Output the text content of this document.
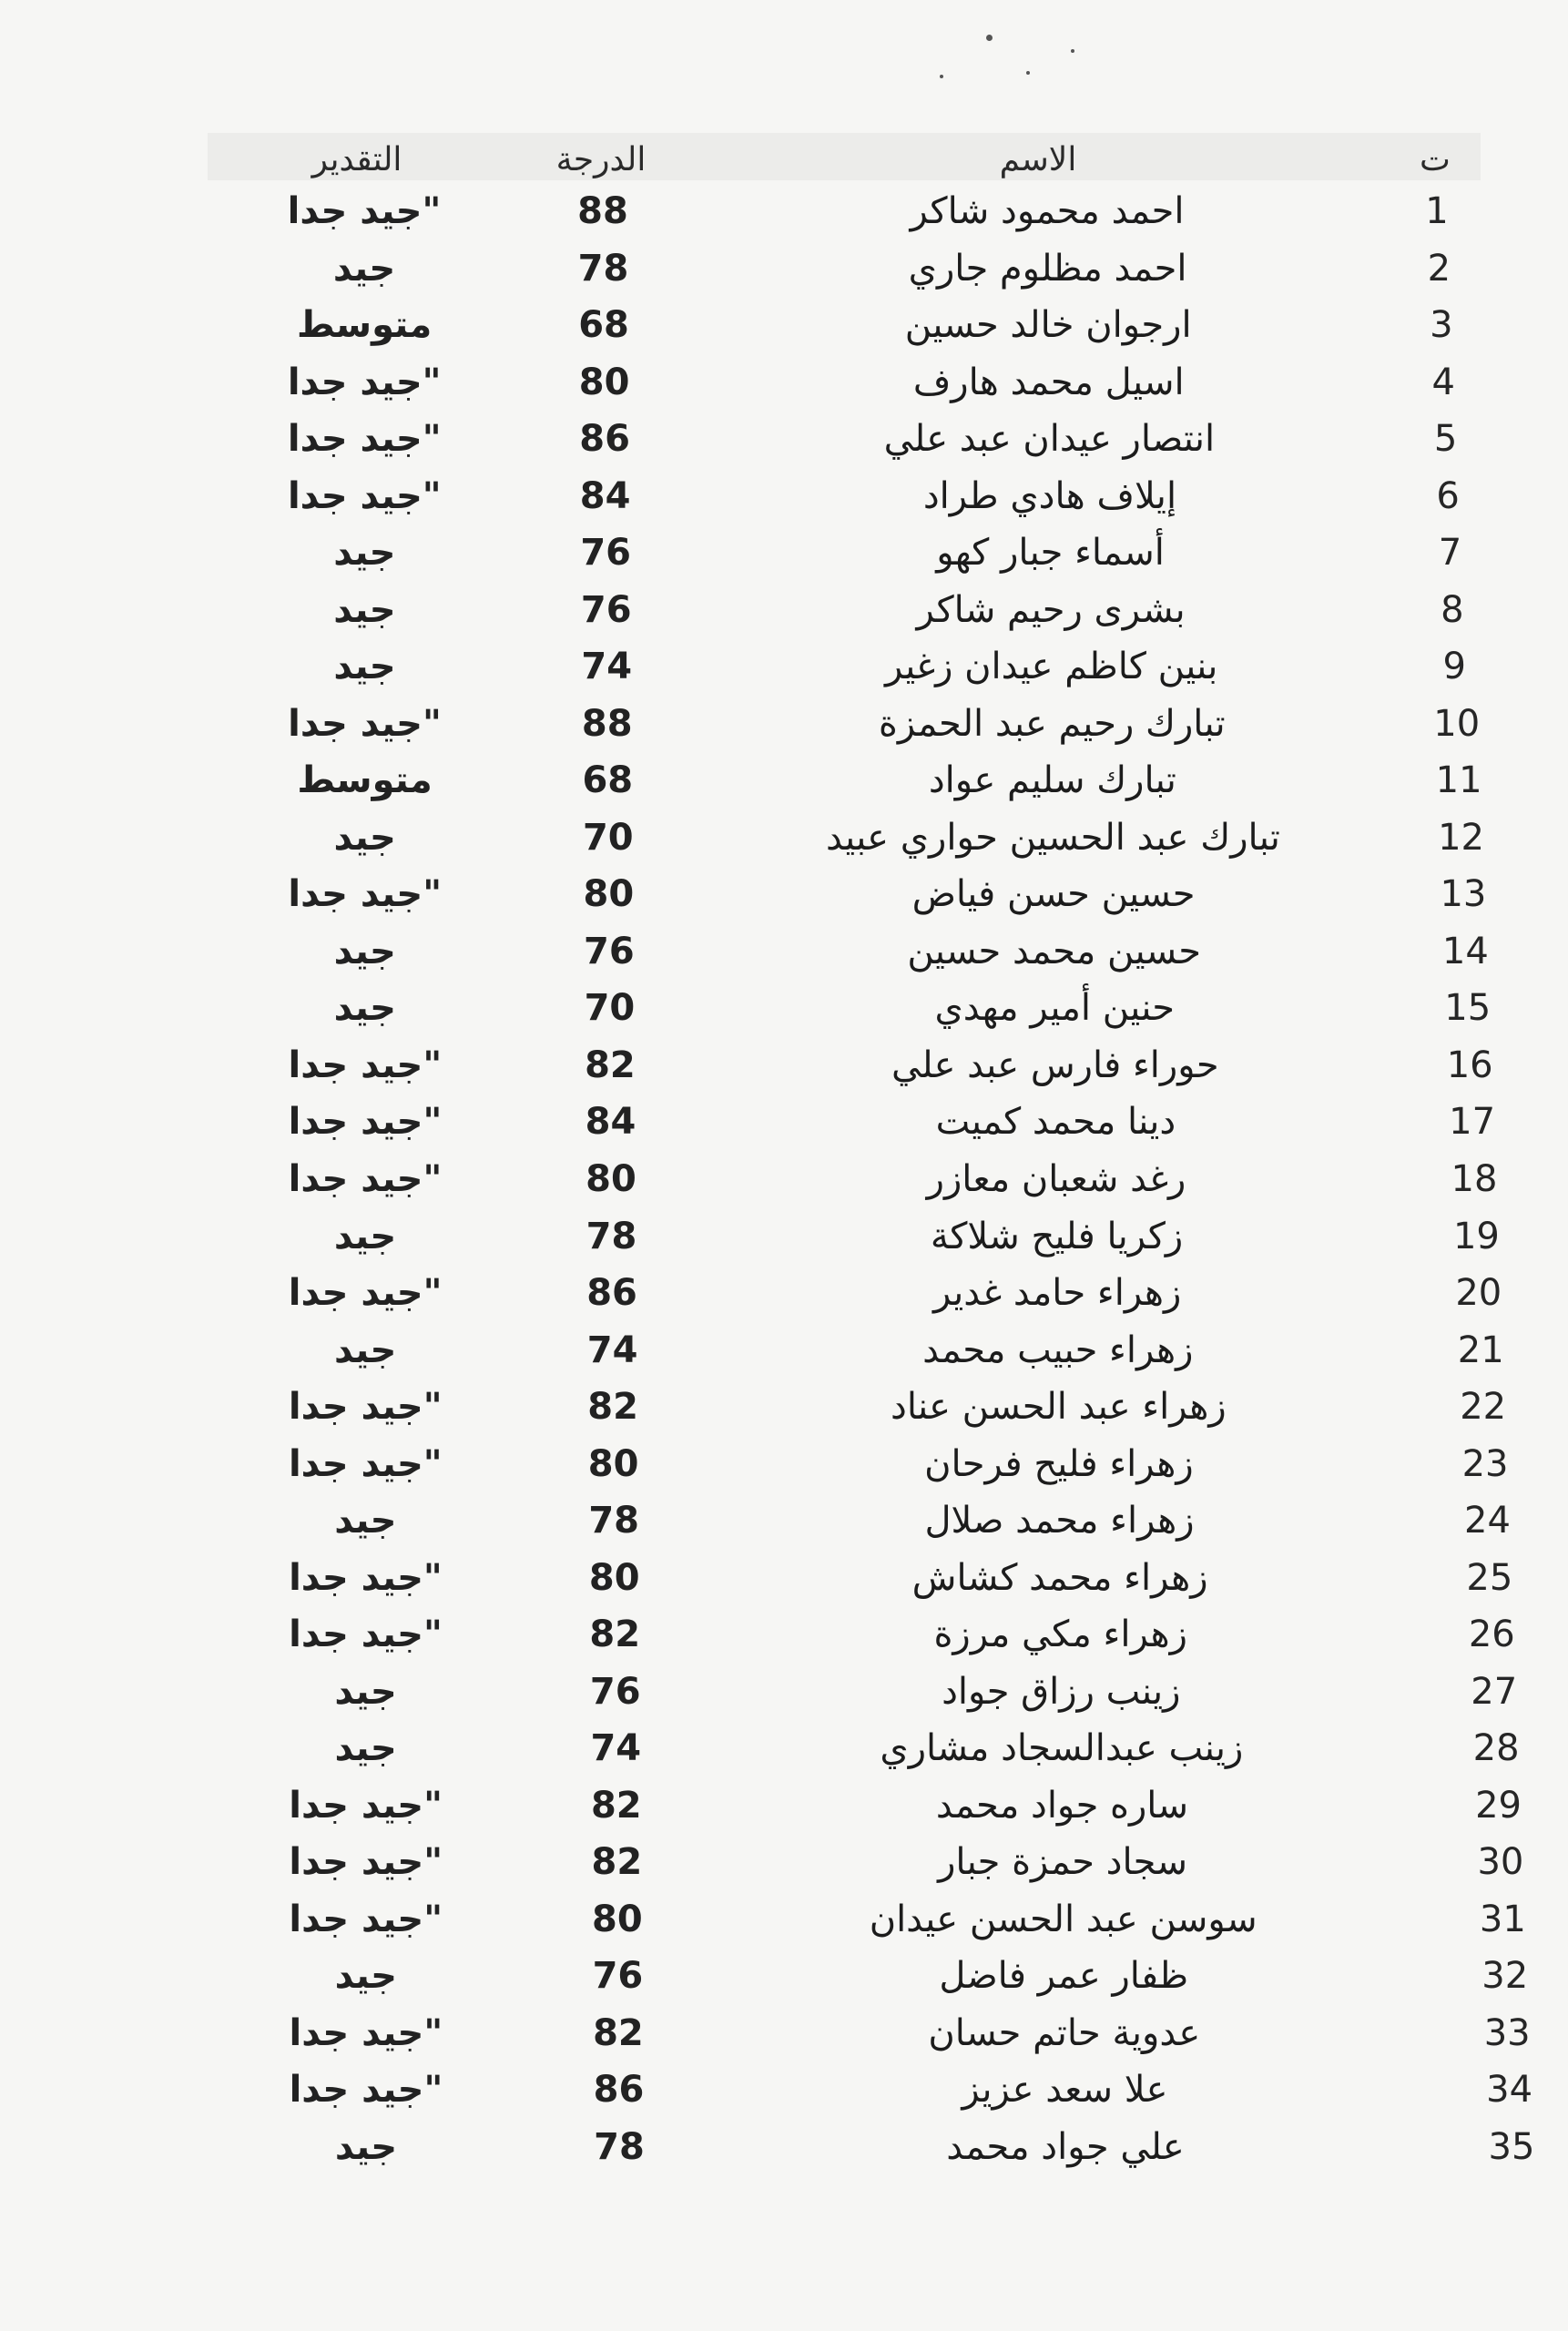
ت
الاسم
الدرجة
التقدير
1
احمد محمود شاكر
88
جيد جدا"
2
احمد مظلوم جاري
78
جيد
3
ارجوان خالد حسين
68
متوسط
4
اسيل محمد هارف
80
جيد جدا"
5
انتصار عيدان عبد علي
86
جيد جدا"
6
إيلاف هادي طراد
84
جيد جدا"
7
أسماء جبار كهو
76
جيد
8
بشرى رحيم شاكر
76
جيد
9
بنين كاظم عيدان زغير
74
جيد
10
تبارك رحيم عبد الحمزة
88
جيد جدا"
11
تبارك سليم عواد
68
متوسط
12
تبارك عبد الحسين حواري عبيد
70
جيد
13
حسين حسن فياض
80
جيد جدا"
14
حسين محمد حسين
76
جيد
15
حنين أمير مهدي
70
جيد
16
حوراء فارس عبد علي
82
جيد جدا"
17
دينا محمد كميت
84
جيد جدا"
18
رغد شعبان معازر
80
جيد جدا"
19
زكريا فليح شلاكة
78
جيد
20
زهراء حامد غدير
86
جيد جدا"
21
زهراء حبيب محمد
74
جيد
22
زهراء عبد الحسن عناد
82
جيد جدا"
23
زهراء فليح فرحان
80
جيد جدا"
24
زهراء محمد صلال
78
جيد
25
زهراء محمد كشاش
80
جيد جدا"
26
زهراء مكي مرزة
82
جيد جدا"
27
زينب رزاق جواد
76
جيد
28
زينب عبدالسجاد مشاري
74
جيد
29
ساره جواد محمد
82
جيد جدا"
30
سجاد حمزة جبار
82
جيد جدا"
31
سوسن عبد الحسن عيدان
80
جيد جدا"
32
ظفار عمر فاضل
76
جيد
33
عدوية حاتم حسان
82
جيد جدا"
34
علا سعد عزيز
86
جيد جدا"
35
علي جواد محمد
78
جيد
